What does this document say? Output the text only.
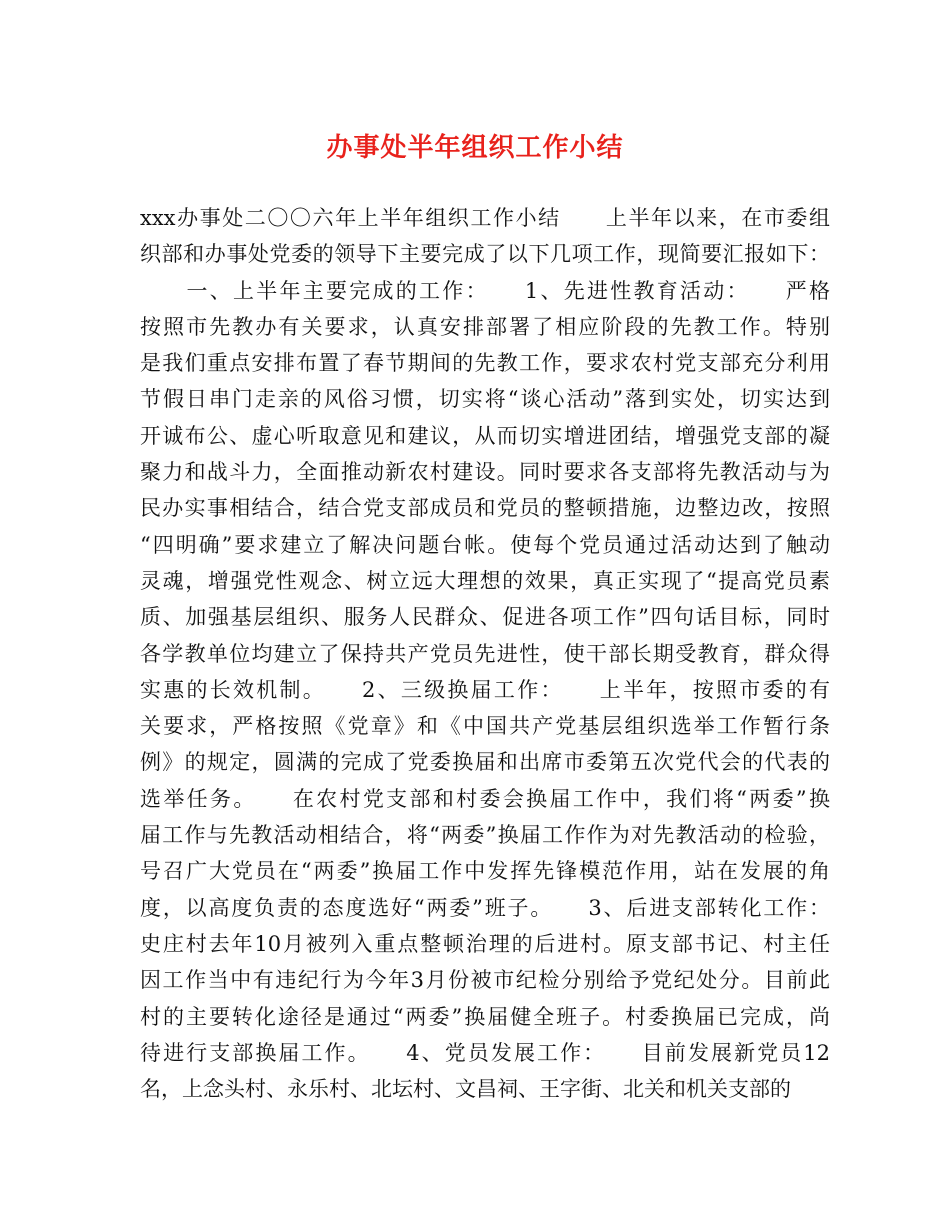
办事处半年组织工作小结
xxx办事处二〇〇六年上半年组织工作小结　　上半年以来，在市委组
织部和办事处党委的领导下主要完成了以下几项工作，现简要汇报如下：
　　一、上半年主要完成的工作：　　1、先进性教育活动：　　严格
按照市先教办有关要求，认真安排部署了相应阶段的先教工作。特别
是我们重点安排布置了春节期间的先教工作，要求农村党支部充分利用
节假日串门走亲的风俗习惯，切实将“谈心活动”落到实处，切实达到
开诚布公、虚心听取意见和建议，从而切实增进团结，增强党支部的凝
聚力和战斗力，全面推动新农村建设。同时要求各支部将先教活动与为
民办实事相结合，结合党支部成员和党员的整顿措施，边整边改，按照
“四明确”要求建立了解决问题台帐。使每个党员通过活动达到了触动
灵魂，增强党性观念、树立远大理想的效果，真正实现了“提高党员素
质、加强基层组织、服务人民群众、促进各项工作”四句话目标，同时
各学教单位均建立了保持共产党员先进性，使干部长期受教育，群众得
实惠的长效机制。　　2、三级换届工作：　　上半年，按照市委的有
关要求，严格按照《党章》和《中国共产党基层组织选举工作暂行条
例》的规定，圆满的完成了党委换届和出席市委第五次党代会的代表的
选举任务。　　在农村党支部和村委会换届工作中，我们将“两委”换
届工作与先教活动相结合，将“两委”换届工作作为对先教活动的检验，
号召广大党员在“两委”换届工作中发挥先锋模范作用，站在发展的角
度，以高度负责的态度选好“两委”班子。　　3、后进支部转化工作：
史庄村去年10月被列入重点整顿治理的后进村。原支部书记、村主任
因工作当中有违纪行为今年3月份被市纪检分别给予党纪处分。目前此
村的主要转化途径是通过“两委”换届健全班子。村委换届已完成，尚
待进行支部换届工作。　　4、党员发展工作：　　目前发展新党员12
名，上念头村、永乐村、北坛村、文昌祠、王字街、北关和机关支部的
